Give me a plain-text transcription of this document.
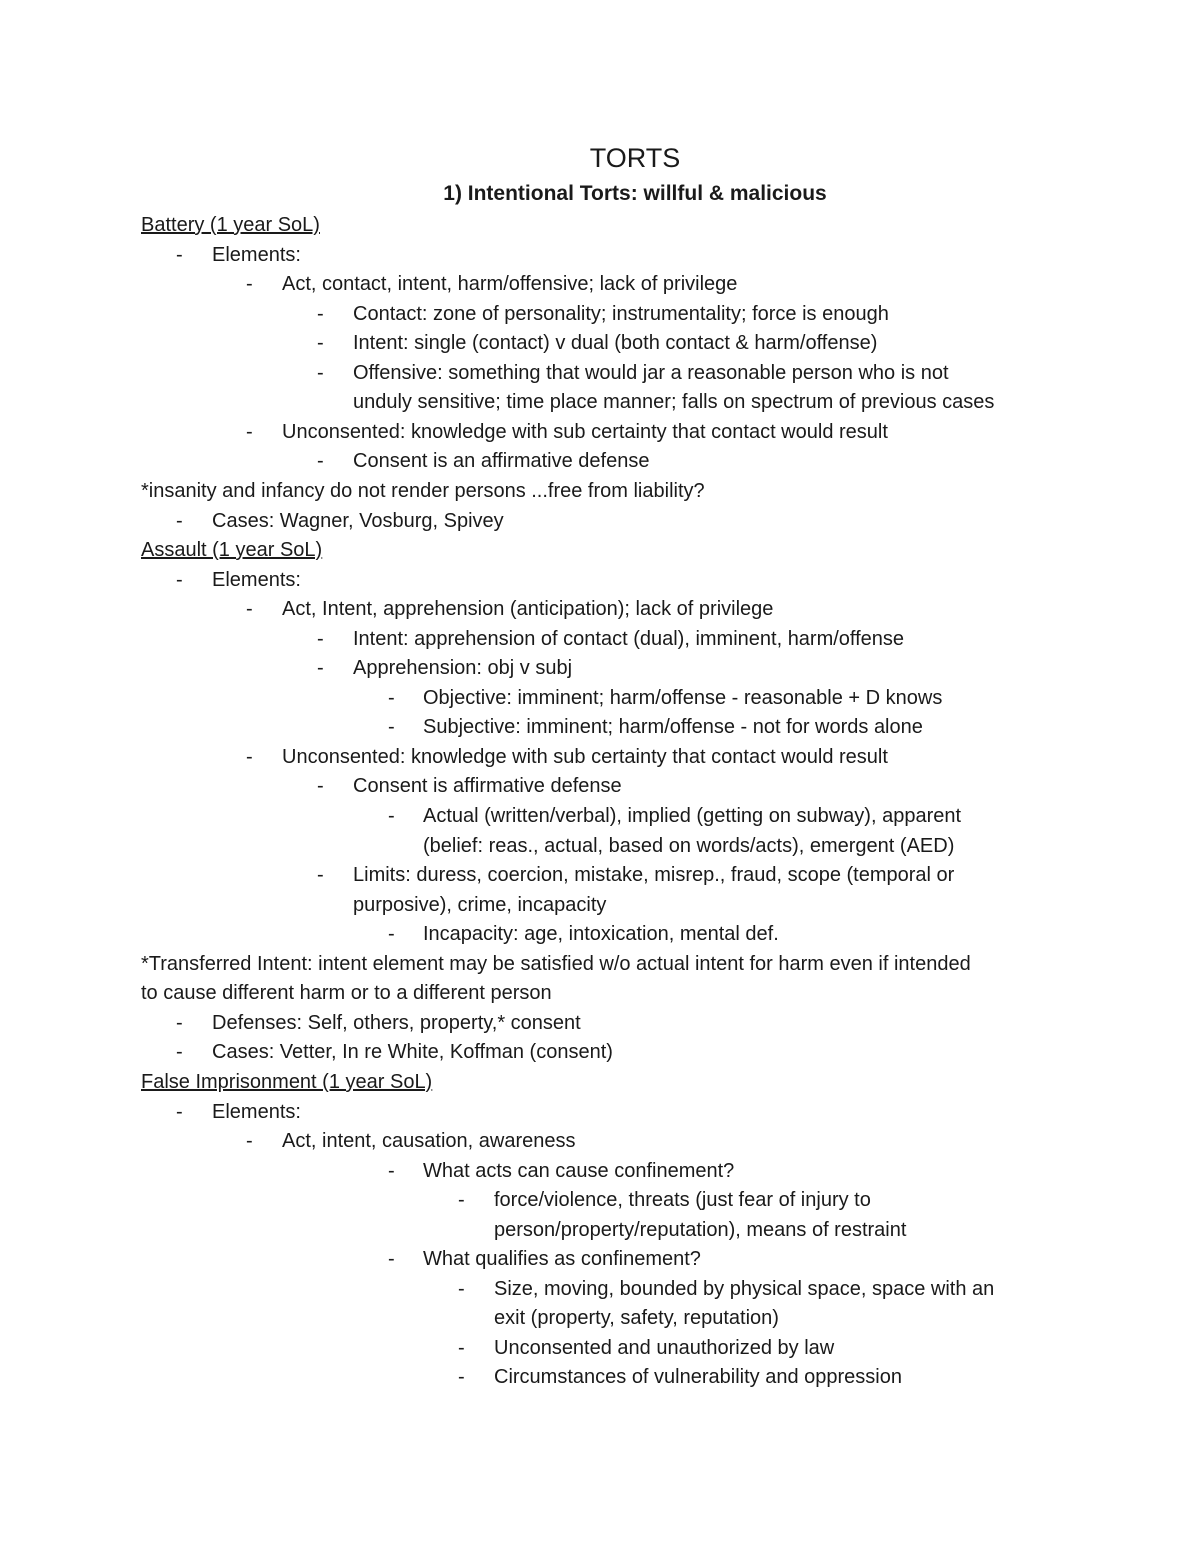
TORTS
1) Intentional Torts: willful & malicious
Battery (1 year SoL)
- Elements:
- Act, contact, intent, harm/offensive; lack of privilege
- Contact: zone of personality; instrumentality; force is enough
- Intent: single (contact) v dual (both contact & harm/offense)
- Offensive: something that would jar a reasonable person who is not
unduly sensitive; time place manner; falls on spectrum of previous cases
- Unconsented: knowledge with sub certainty that contact would result
- Consent is an affirmative defense
*insanity and infancy do not render persons ...free from liability?
- Cases: Wagner, Vosburg, Spivey
Assault (1 year SoL)
- Elements:
- Act, Intent, apprehension (anticipation); lack of privilege
- Intent: apprehension of contact (dual), imminent, harm/offense
- Apprehension: obj v subj
- Objective: imminent; harm/offense - reasonable + D knows
- Subjective: imminent; harm/offense - not for words alone
- Unconsented: knowledge with sub certainty that contact would result
- Consent is affirmative defense
- Actual (written/verbal), implied (getting on subway), apparent
(belief: reas., actual, based on words/acts), emergent (AED)
- Limits: duress, coercion, mistake, misrep., fraud, scope (temporal or
purposive), crime, incapacity
- Incapacity: age, intoxication, mental def.
*Transferred Intent: intent element may be satisfied w/o actual intent for harm even if intended
to cause different harm or to a different person
- Defenses: Self, others, property,* consent
- Cases: Vetter, In re White, Koffman (consent)
False Imprisonment (1 year SoL)
- Elements:
- Act, intent, causation, awareness
- What acts can cause confinement?
- force/violence, threats (just fear of injury to
person/property/reputation), means of restraint
- What qualifies as confinement?
- Size, moving, bounded by physical space, space with an
exit (property, safety, reputation)
- Unconsented and unauthorized by law
- Circumstances of vulnerability and oppression
